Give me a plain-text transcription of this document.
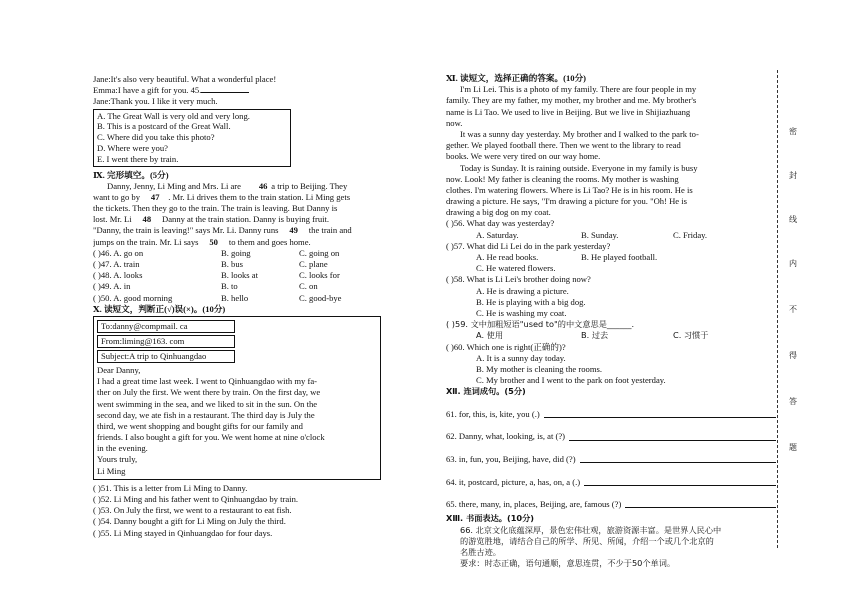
Jane:It's also very beautiful. What a wonderful place!
Emma:I have a gift for you. 45.
Jane:Thank you. I like it very much.
A. The Great Wall is very old and very long.
B. This is a postcard of the Great Wall.
C. Where did you take this photo?
D. Where were you?
E. I went there by train.
Ⅸ. 完形填空。(5分)
Danny, Jenny, Li Ming and Mrs. Li are 46 a trip to Beijing. They
want to go by 47 . Mr. Li drives them to the train station. Li Ming gets
the tickets. Then they go to the train. The train is leaving. But Danny is
lost. Mr. Li 48 Danny at the train station. Danny is buying fruit.
"Danny, the train is leaving!" says Mr. Li. Danny runs 49 the train and
jumps on the train. Mr. Li says 50 to them and goes home.
( )46. A. go on	B. going	C. going on
( )47. A. train	B. bus	C. plane
( )48. A. looks	B. looks at	C. looks for
( )49. A. in	B. to	C. on
( )50. A. good morning	B. hello	C. good-bye
Ⅹ. 读短文，判断正(√)误(×)。(10分)
To:danny@compmail. ca
From:liming@163. com
Subject:A trip to Qinhuangdao
Dear Danny,
I had a great time last week. I went to Qinhuangdao with my fa-
ther on July the first. We went there by train. On the first day, we
went swimming in the sea, and we liked to sit in the sun. On the
second day, we ate fish in a restaurant. The third day is July the
third, we went shopping and bought gifts for our family and
friends. I also bought a gift for you. We went home at nine o'clock
in the evening.
Yours truly,
Li Ming
( )51. This is a letter from Li Ming to Danny.
( )52. Li Ming and his father went to Qinhuangdao by train.
( )53. On July the first, we went to a restaurant to eat fish.
( )54. Danny bought a gift for Li Ming on July the third.
( )55. Li Ming stayed in Qinhuangdao for four days.
Ⅺ. 读短文，选择正确的答案。(10分)
I'm Li Lei. This is a photo of my family. There are four people in my
family. They are my father, my mother, my brother and me. My brother's
name is Li Tao. We used to live in Beijing. But we live in Shijiazhuang
now.
It was a sunny day yesterday. My brother and I walked to the park to-
gether. We played football there. Then we went to the library to read
books. We were very tired on our way home.
Today is Sunday. It is raining outside. Everyone in my family is busy
now. Look! My father is cleaning the rooms. My mother is washing
clothes. I'm watering flowers. Where is Li Tao? He is in his room. He is
drawing a picture. He says, "I'm drawing a picture for you. "Oh! He is
drawing a big dog on my coat.
( )56. What day was yesterday?
A. Saturday.	B. Sunday.	C. Friday.
( )57. What did Li Lei do in the park yesterday?
A. He read books.	B. He played football.
C. He watered flowers.
( )58. What is Li Lei's brother doing now?
A. He is drawing a picture.
B. He is playing with a big dog.
C. He is washing my coat.
( )59. 文中加粗短语"used to"的中文意思是______.
A. 使用	B. 过去	C. 习惯于
( )60. Which one is right(正确的)?
A. It is a sunny day today.
B. My mother is cleaning the rooms.
C. My brother and I went to the park on foot yesterday.
Ⅻ. 连词成句。(5分)
61. for, this, is, kite, you (.)
62. Danny, what, looking, is, at (?)
63. in, fun, you, Beijing, have, did (?)
64. it, postcard, picture, a, has, on, a (.)
65. there, many, in, places, Beijing, are, famous (?)
ⅩⅢ. 书面表达。(10分)
66. 北京文化底蕴深厚，景色宏伟壮观，旅游资源丰富。是世界人民心中
的游览胜地，请结合自己的所学、所见、所闻，介绍一个或几个北京的
名胜古迹。
要求：时态正确，语句通顺，意思连贯，不少于50个单词。
密
封
线
内
不
得
答
题
